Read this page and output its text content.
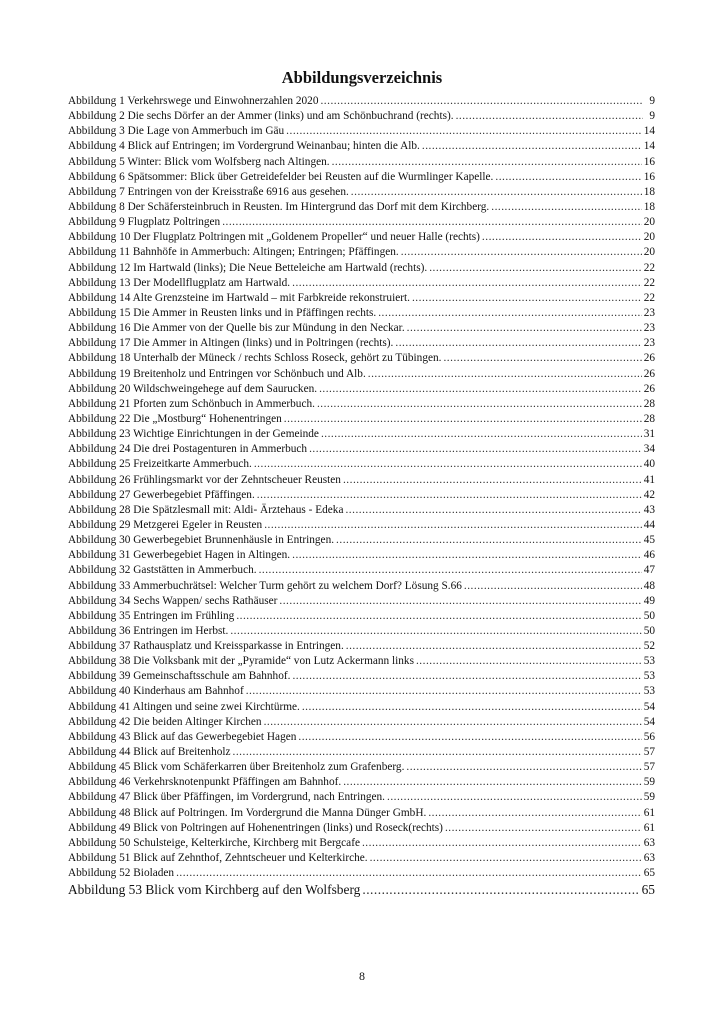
Abbildungsverzeichnis
Abbildung 1 Verkehrswege und Einwohnerzahlen 2020 .....	9
Abbildung 2 Die sechs Dörfer an der Ammer (links) und am Schönbuchrand (rechts). .....	9
Abbildung 3 Die Lage von Ammerbuch im Gäu .....	14
Abbildung 4 Blick auf Entringen; im Vordergrund Weinanbau; hinten die Alb. .....	14
Abbildung 5 Winter: Blick vom Wolfsberg nach Altingen. .....	16
Abbildung 6 Spätsommer: Blick über Getreidefelder bei Reusten auf die Wurmlinger Kapelle. .....	16
Abbildung 7 Entringen von der Kreisstraße 6916 aus gesehen. .....	18
Abbildung 8 Der Schäfersteinbruch in Reusten. Im Hintergrund das Dorf mit dem Kirchberg. .....	18
Abbildung 9 Flugplatz Poltringen .....	20
Abbildung 10 Der Flugplatz Poltringen mit „Goldenem Propeller“ und neuer Halle (rechts) .....	20
Abbildung 11 Bahnhöfe in Ammerbuch: Altingen; Entringen; Pfäffingen. .....	20
Abbildung 12 Im Hartwald (links); Die Neue Betteleiche am Hartwald (rechts). .....	22
Abbildung 13 Der Modellflugplatz am Hartwald. .....	22
Abbildung 14 Alte Grenzsteine im Hartwald – mit Farbkreide rekonstruiert. .....	22
Abbildung 15 Die Ammer in Reusten links und in Pfäffingen rechts. .....	23
Abbildung 16 Die Ammer von der Quelle bis zur Mündung in den Neckar. .....	23
Abbildung 17 Die Ammer in Altingen (links) und in Poltringen (rechts). .....	23
Abbildung 18 Unterhalb der Müneck / rechts Schloss Roseck, gehört zu Tübingen. .....	26
Abbildung 19 Breitenholz und Entringen vor Schönbuch und Alb. .....	26
Abbildung 20 Wildschweingehege auf dem Saurucken. .....	26
Abbildung 21 Pforten zum Schönbuch in Ammerbuch. .....	28
Abbildung 22 Die „Mostburg“ Hohenentringen .....	28
Abbildung 23 Wichtige Einrichtungen in der Gemeinde .....	31
Abbildung 24 Die drei Postagenturen in Ammerbuch .....	34
Abbildung 25 Freizeitkarte Ammerbuch. .....	40
Abbildung 26 Frühlingsmarkt vor der Zehntscheuer Reusten .....	41
Abbildung 27 Gewerbegebiet Pfäffingen. .....	42
Abbildung 28 Die Spätzlesmall mit: Aldi- Ärztehaus - Edeka .....	43
Abbildung 29 Metzgerei Egeler in Reusten .....	44
Abbildung 30 Gewerbegebiet Brunnenhäusle in Entringen. .....	45
Abbildung 31 Gewerbegebiet Hagen in Altingen. .....	46
Abbildung 32 Gaststätten in Ammerbuch. .....	47
Abbildung 33 Ammerbuchrätsel: Welcher Turm gehört zu welchem Dorf? Lösung S.66 .....	48
Abbildung 34 Sechs Wappen/ sechs Rathäuser .....	49
Abbildung 35 Entringen im Frühling .....	50
Abbildung 36 Entringen im Herbst. .....	50
Abbildung 37 Rathausplatz und Kreissparkasse in Entringen. .....	52
Abbildung 38 Die Volksbank mit der „Pyramide“ von Lutz Ackermann links .....	53
Abbildung 39 Gemeinschaftsschule am Bahnhof. .....	53
Abbildung 40 Kinderhaus am Bahnhof .....	53
Abbildung 41 Altingen und seine zwei Kirchtürme. .....	54
Abbildung 42 Die beiden Altinger Kirchen .....	54
Abbildung 43 Blick auf das Gewerbegebiet Hagen .....	56
Abbildung 44 Blick auf Breitenholz .....	57
Abbildung 45 Blick vom Schäferkarren über Breitenholz zum Grafenberg. .....	57
Abbildung 46 Verkehrsknotenpunkt Pfäffingen am Bahnhof. .....	59
Abbildung 47 Blick über Pfäffingen, im Vordergrund, nach Entringen. .....	59
Abbildung 48 Blick auf Poltringen. Im Vordergrund die Manna Dünger GmbH. .....	61
Abbildung 49 Blick von Poltringen auf Hohenentringen (links) und Roseck(rechts) .....	61
Abbildung 50 Schulsteige, Kelterkirche, Kirchberg mit Bergcafe .....	63
Abbildung 51 Blick auf Zehnthof, Zehntscheuer und Kelterkirche. .....	63
Abbildung 52 Bioladen .....	65
Abbildung 53 Blick vom Kirchberg auf den Wolfsberg .....	65
8
